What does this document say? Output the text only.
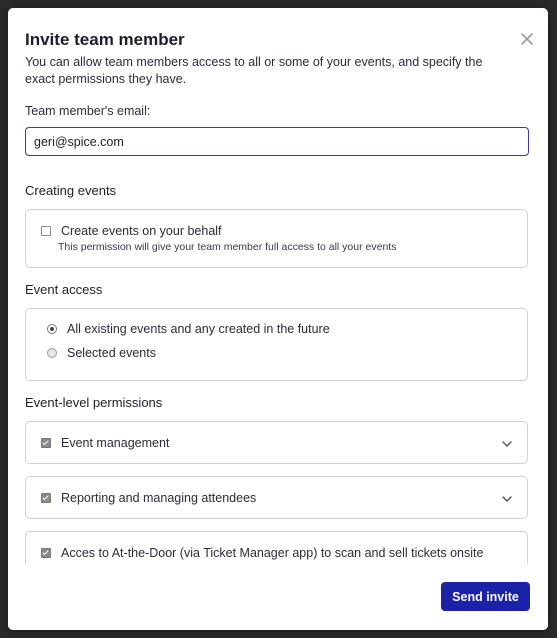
Invite team member
You can allow team members access to all or some of your events, and specify the exact permissions they have.
Team member's email:
geri@spice.com
Creating events
Create events on your behalf
This permission will give your team member full access to all your events
Event access
All existing events and any created in the future
Selected events
Event-level permissions
Event management
Reporting and managing attendees
Acces to At-the-Door (via Ticket Manager app) to scan and sell tickets onsite
Send invite
